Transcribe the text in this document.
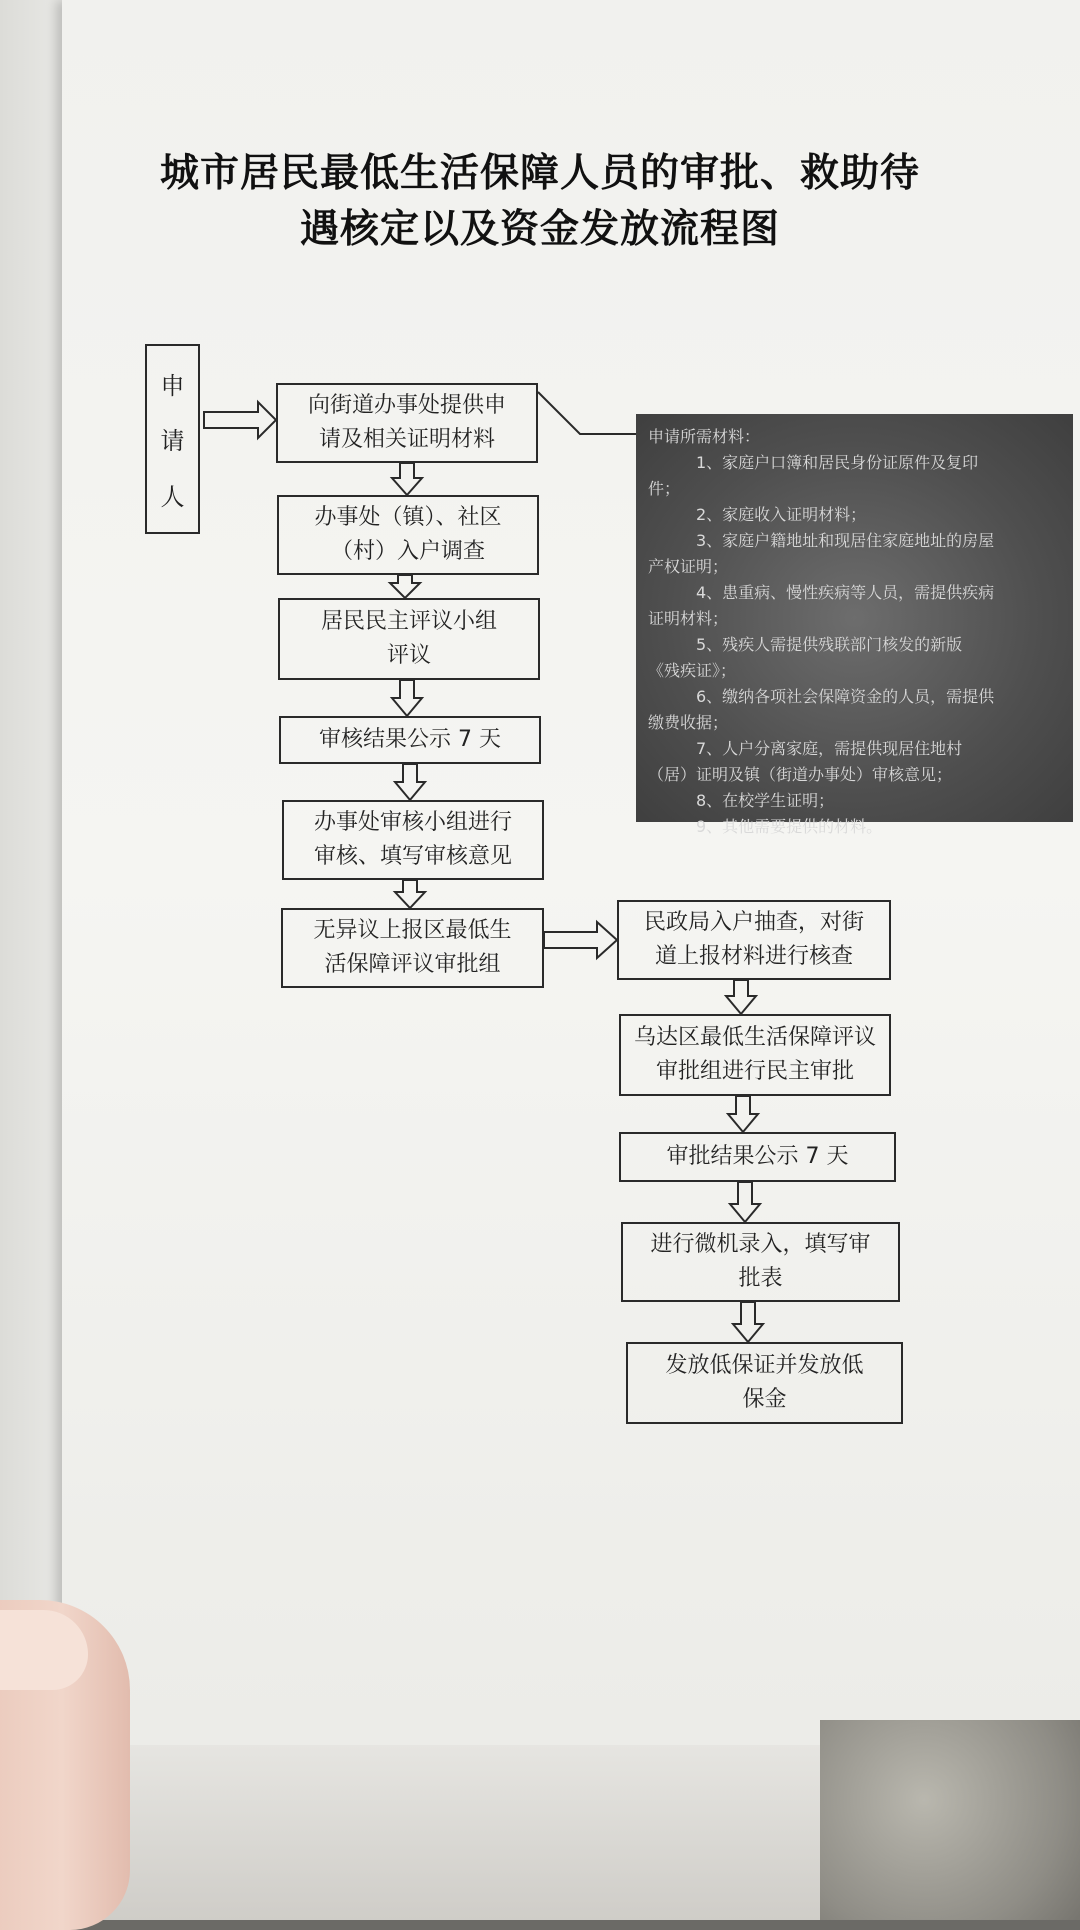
城市居民最低生活保障人员的审批、救助待
遇核定以及资金发放流程图
申
请
人
向街道办事处提供申
请及相关证明材料
办事处（镇）、社区
（村）入户调查
居民民主评议小组
评议
审核结果公示 7 天
办事处审核小组进行
审核、填写审核意见
无异议上报区最低生
活保障评议审批组
民政局入户抽查，对街
道上报材料进行核查
乌达区最低生活保障评议
审批组进行民主审批
审批结果公示 7 天
进行微机录入，填写审
批表
发放低保证并发放低
保金
申请所需材料：
1、家庭户口簿和居民身份证原件及复印
件；
2、家庭收入证明材料；
3、家庭户籍地址和现居住家庭地址的房屋
产权证明；
4、患重病、慢性疾病等人员，需提供疾病
证明材料；
5、残疾人需提供残联部门核发的新版
《残疾证》；
6、缴纳各项社会保障资金的人员，需提供
缴费收据；
7、人户分离家庭，需提供现居住地村
（居）证明及镇（街道办事处）审核意见；
8、在校学生证明；
9、其他需要提供的材料。
